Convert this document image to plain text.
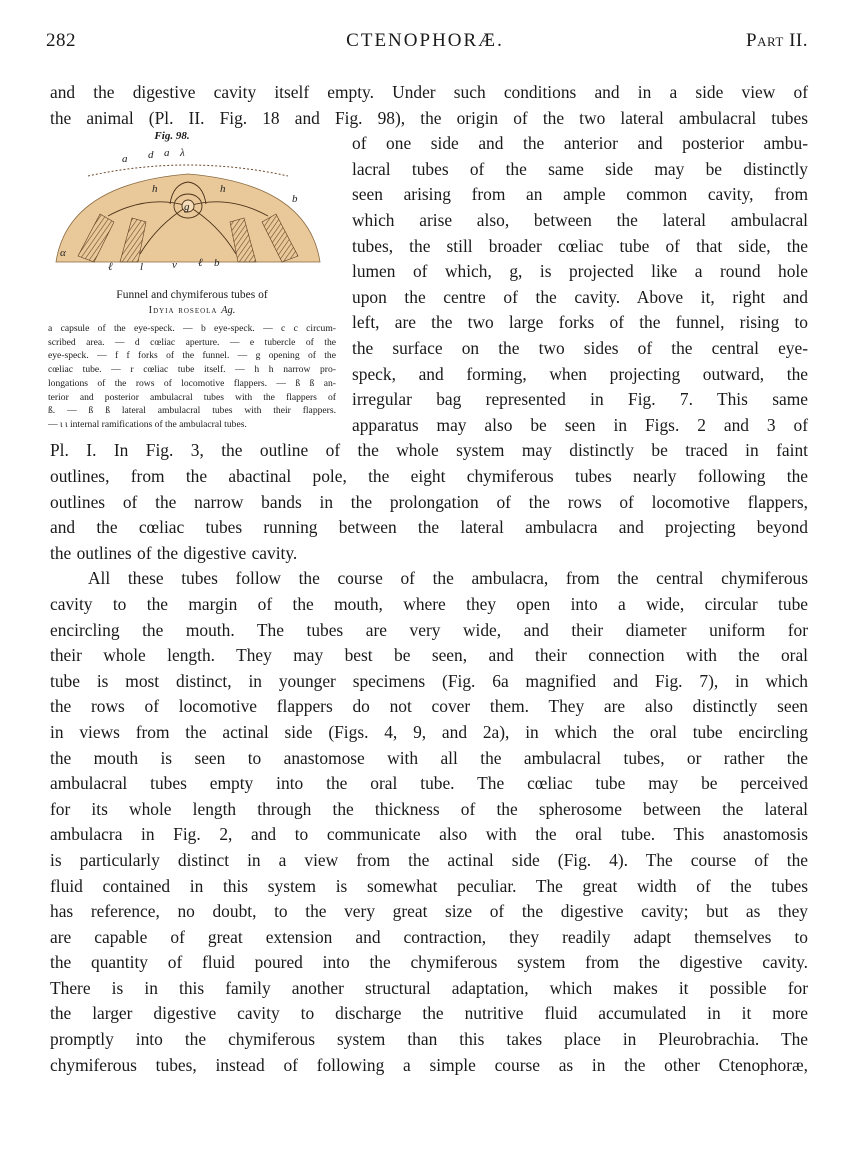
CTENOPHORÆ.
282	Part II.
and the digestive cavity itself empty. Under such conditions and in a side view of
the animal (Pl. II. Fig. 18 and Fig. 98), the origin of the two lateral ambulacral tubes
Fig. 98.
a d a λ
h
g
h
b
α
ℓ l	v ℓ b
Funnel and chymiferous tubes of
Idyia roseola Ag.
a capsule of the eye-speck. — b eye-speck. — c c circum-
scribed area. — d cœliac aperture. — e tubercle of the
eye-speck. — f f forks of the funnel. — g opening of the
cœliac tube. — r cœliac tube itself. — h h narrow pro-
longations of the rows of locomotive flappers. — ß ß an-
terior and posterior ambulacral tubes with the flappers of
ß. — ß ß lateral ambulacral tubes with their flappers.
— ι ι internal ramifications of the ambulacral tubes.
of one side and the anterior and posterior ambu-
lacral tubes of the same side may be distinctly
seen arising from an ample common cavity, from
which arise also, between the lateral ambulacral
tubes, the still broader cœliac tube of that side, the
lumen of which, g, is projected like a round hole
upon the centre of the cavity. Above it, right and
left, are the two large forks of the funnel, rising to
the surface on the two sides of the central eye-
speck, and forming, when projecting outward, the
irregular bag represented in Fig. 7. This same
apparatus may also be seen in Figs. 2 and 3 of
Pl. I. In Fig. 3, the outline of the whole system may distinctly be traced in faint
outlines, from the abactinal pole, the eight chymiferous tubes nearly following the
outlines of the narrow bands in the prolongation of the rows of locomotive flappers,
and the cœliac tubes running between the lateral ambulacra and projecting beyond
the outlines of the digestive cavity.
All these tubes follow the course of the ambulacra, from the central chymiferous
cavity to the margin of the mouth, where they open into a wide, circular tube
encircling the mouth. The tubes are very wide, and their diameter uniform for
their whole length. They may best be seen, and their connection with the oral
tube is most distinct, in younger specimens (Fig. 6a magnified and Fig. 7), in which
the rows of locomotive flappers do not cover them. They are also distinctly seen
in views from the actinal side (Figs. 4, 9, and 2a), in which the oral tube encircling
the mouth is seen to anastomose with all the ambulacral tubes, or rather the
ambulacral tubes empty into the oral tube. The cœliac tube may be perceived
for its whole length through the thickness of the spherosome between the lateral
ambulacra in Fig. 2, and to communicate also with the oral tube. This anastomosis
is particularly distinct in a view from the actinal side (Fig. 4). The course of the
fluid contained in this system is somewhat peculiar. The great width of the tubes
has reference, no doubt, to the very great size of the digestive cavity; but as they
are capable of great extension and contraction, they readily adapt themselves to
the quantity of fluid poured into the chymiferous system from the digestive cavity.
There is in this family another structural adaptation, which makes it possible for
the larger digestive cavity to discharge the nutritive fluid accumulated in it more
promptly into the chymiferous system than this takes place in Pleurobrachia. The
chymiferous tubes, instead of following a simple course as in the other Ctenophoræ,
